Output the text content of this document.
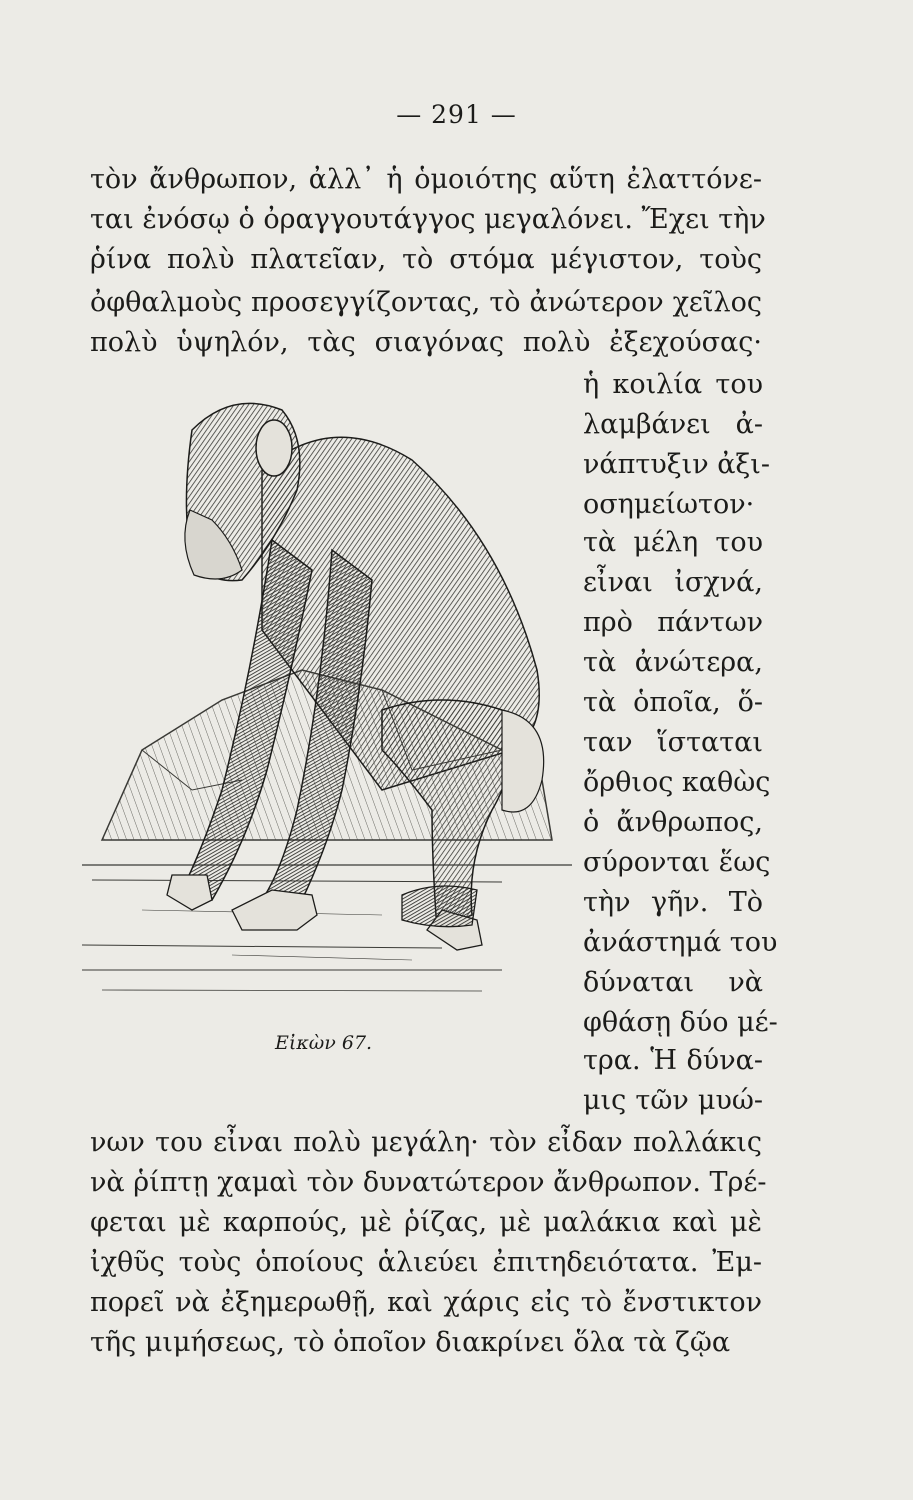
— 291 —
τὸν ἄνθρωπον, ἀλλ᾽ ἡ ὁμοιότης αὕτη ἐλαττόνε-
ται ἐνόσῳ ὁ ὀραγγουτάγγος μεγαλόνει. Ἔχει τὴν
ῥίνα πολὺ πλατεῖαν, τὸ στόμα μέγιστον, τοὺς
ὀφθαλμοὺς προσεγγίζοντας, τὸ ἀνώτερον χεῖλος
πολὺ ὑψηλόν, τὰς σιαγόνας πολὺ ἐξεχούσας·
ἡ κοιλία του
λαμβάνει ἀ-
νάπτυξιν ἀξι-
οσημείωτον·
τὰ μέλη του
εἶναι ἰσχνά,
πρὸ πάντων
τὰ ἀνώτερα,
τὰ ὁποῖα, ὅ-
ταν ἵσταται
ὄρθιος καθὼς
ὁ ἄνθρωπος,
σύρονται ἕως
τὴν γῆν. Τὸ
ἀνάστημά του
δύναται νὰ
φθάσῃ δύο μέ-
τρα. Ἡ δύνα-
μις τῶν μυώ-
νων του εἶναι πολὺ μεγάλη· τὸν εἶδαν πολλάκις
νὰ ῥίπτῃ χαμαὶ τὸν δυνατώτερον ἄνθρωπον. Τρέ-
φεται μὲ καρπούς, μὲ ῥίζας, μὲ μαλάκια καὶ μὲ
ἰχθῦς τοὺς ὁποίους ἁλιεύει ἐπιτηδειότατα. Ἐμ-
πορεῖ νὰ ἐξημερωθῇ, καὶ χάρις εἰς τὸ ἔνστικτον
τῆς μιμήσεως, τὸ ὁποῖον διακρίνει ὅλα τὰ ζῷα
Εἰκὼν 67.
